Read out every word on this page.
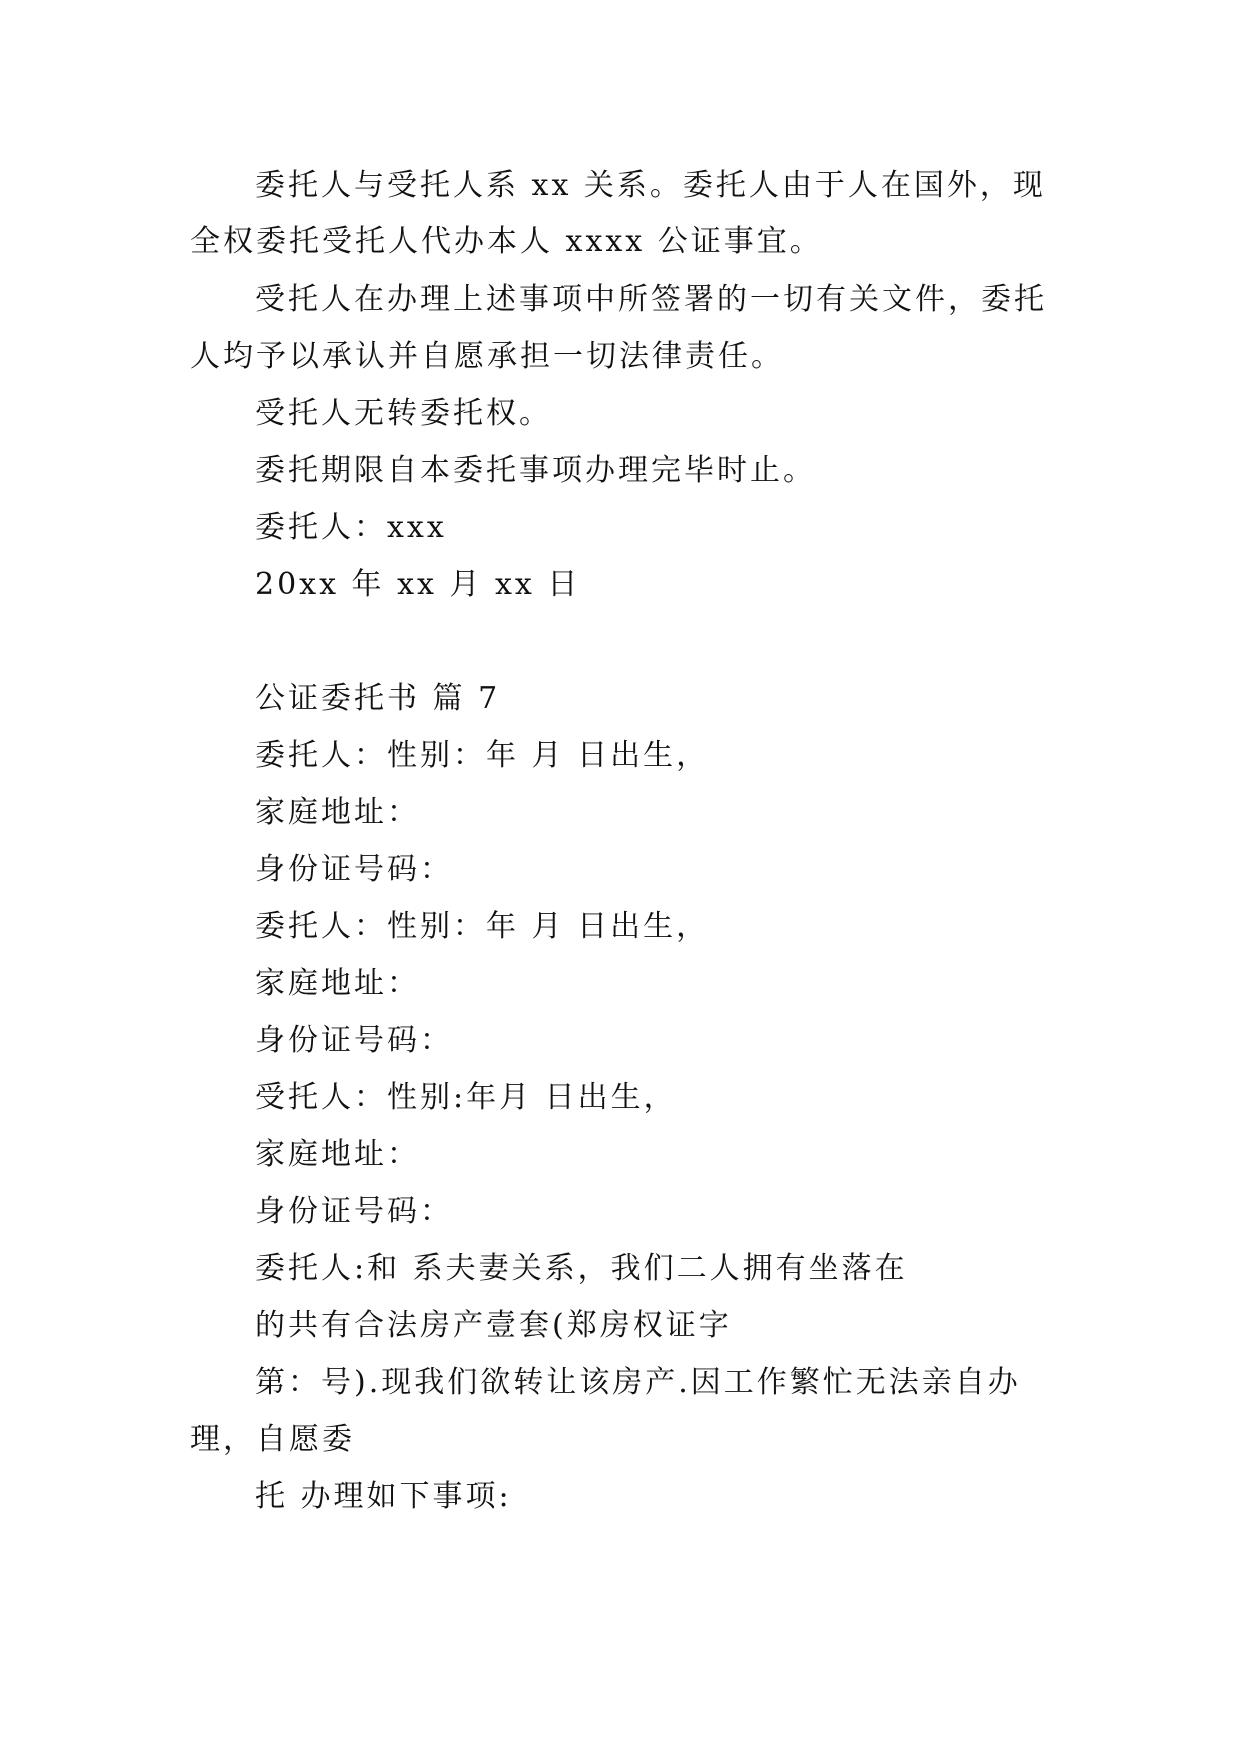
委托人与受托人系 xx 关系。委托人由于人在国外，现
全权委托受托人代办本人 xxxx 公证事宜。
受托人在办理上述事项中所签署的一切有关文件，委托
人均予以承认并自愿承担一切法律责任。
受托人无转委托权。
委托期限自本委托事项办理完毕时止。
委托人：xxx
20xx 年 xx 月 xx 日
公证委托书 篇 7
委托人：性别：年 月 日出生，
家庭地址：
身份证号码：
委托人：性别：年 月 日出生，
家庭地址：
身份证号码：
受托人：性别:年月 日出生，
家庭地址：
身份证号码：
委托人:和 系夫妻关系，我们二人拥有坐落在
的共有合法房产壹套(郑房权证字
第：号).现我们欲转让该房产.因工作繁忙无法亲自办
理，自愿委
托 办理如下事项:
